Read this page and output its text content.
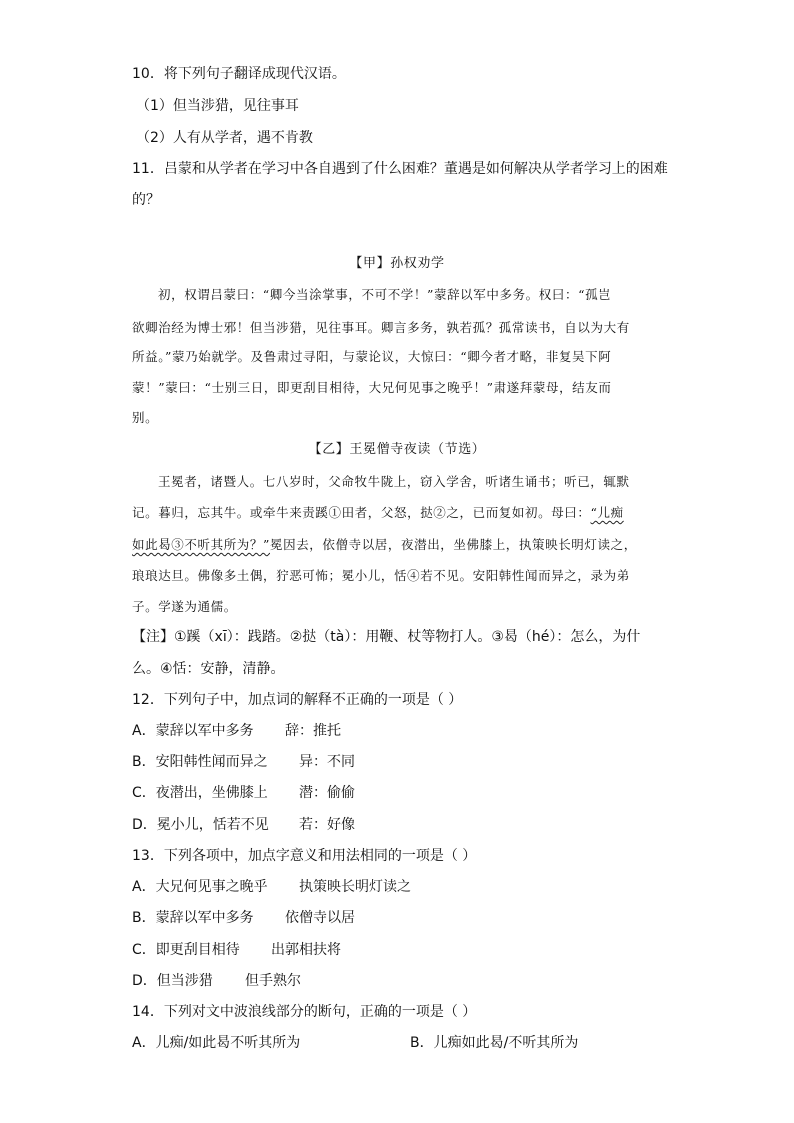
10．将下列句子翻译成现代汉语。
（1）但当涉猎，见往事耳
（2）人有从学者，遇不肯教
11．吕蒙和从学者在学习中各自遇到了什么困难？董遇是如何解决从学者学习上的困难
的？
【甲】孙权劝学
初，权谓吕蒙曰：“卿今当涂掌事，不可不学！”蒙辞以军中多务。权曰：“孤岂
欲卿治经为博士邪！但当涉猎，见往事耳。卿言多务，孰若孤？孤常读书，自以为大有
所益。”蒙乃始就学。及鲁肃过寻阳，与蒙论议，大惊曰：“卿今者才略，非复吴下阿
蒙！”蒙曰：“士别三日，即更刮目相待，大兄何见事之晚乎！”肃遂拜蒙母，结友而
别。
【乙】王冕僧寺夜读（节选）
王冕者，诸暨人。七八岁时，父命牧牛陇上，窃入学舍，听诸生诵书；听已，辄默
记。暮归，忘其牛。或牵牛来责蹊①田者，父怒，挞②之，已而复如初。母曰：“儿痴
如此曷③不听其所为？”冕因去，依僧寺以居，夜潜出，坐佛膝上，执策映长明灯读之，
琅琅达旦。佛像多土偶，狞恶可怖；冕小儿，恬④若不见。安阳韩性闻而异之，录为弟
子。学遂为通儒。
【注】①蹊（xī）：践踏。②挞（tà）：用鞭、杖等物打人。③曷（hé）：怎么，为什
么。④恬：安静，清静。
12．下列句子中，加点词的解释不正确的一项是（ ）
A．蒙辞以军中多务 辞：推托
B．安阳韩性闻而异之 异：不同
C．夜潜出，坐佛膝上 潜：偷偷
D．冕小儿，恬若不见 若：好像
13．下列各项中，加点字意义和用法相同的一项是（ ）
A．大兄何见事之晚乎 执策映长明灯读之
B．蒙辞以军中多务 依僧寺以居
C．即更刮目相待 出郭相扶将
D．但当涉猎 但手熟尔
14．下列对文中波浪线部分的断句，正确的一项是（ ）
A．儿痴/如此曷不听其所为	B．儿痴如此曷/不听其所为
